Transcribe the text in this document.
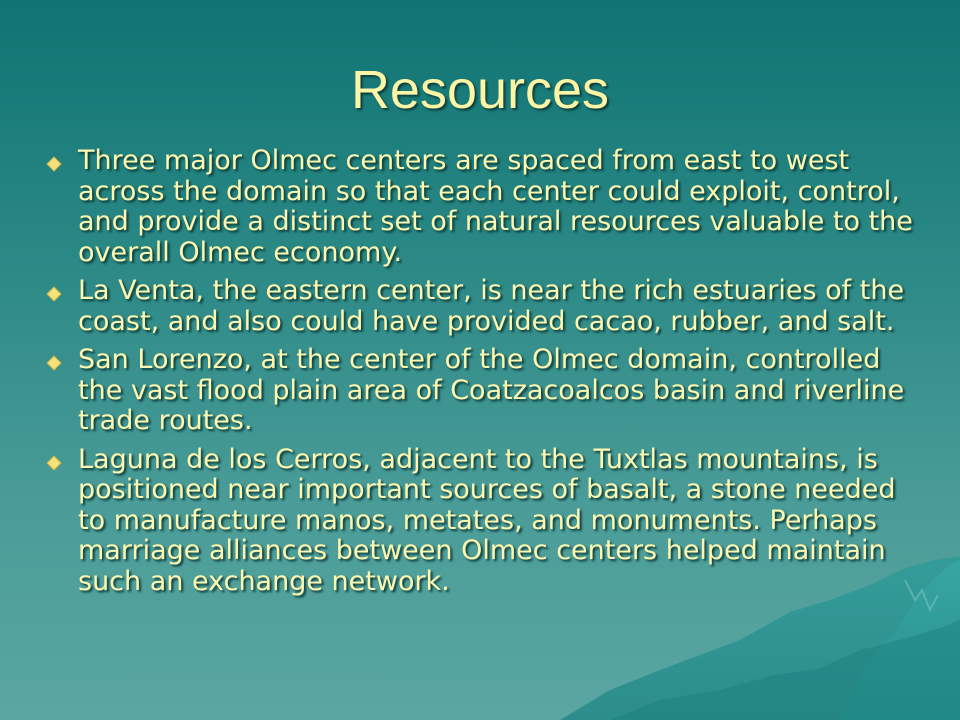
Resources
Three major Olmec centers are spaced from east to west across the domain so that each center could exploit, control, and provide a distinct set of natural resources valuable to the overall Olmec economy.
La Venta, the eastern center, is near the rich estuaries of the coast, and also could have provided cacao, rubber, and salt.
San Lorenzo, at the center of the Olmec domain, controlled the vast flood plain area of Coatzacoalcos basin and riverline trade routes.
Laguna de los Cerros, adjacent to the Tuxtlas mountains, is positioned near important sources of basalt, a stone needed to manufacture manos, metates, and monuments. Perhaps marriage alliances between Olmec centers helped maintain such an exchange network.
